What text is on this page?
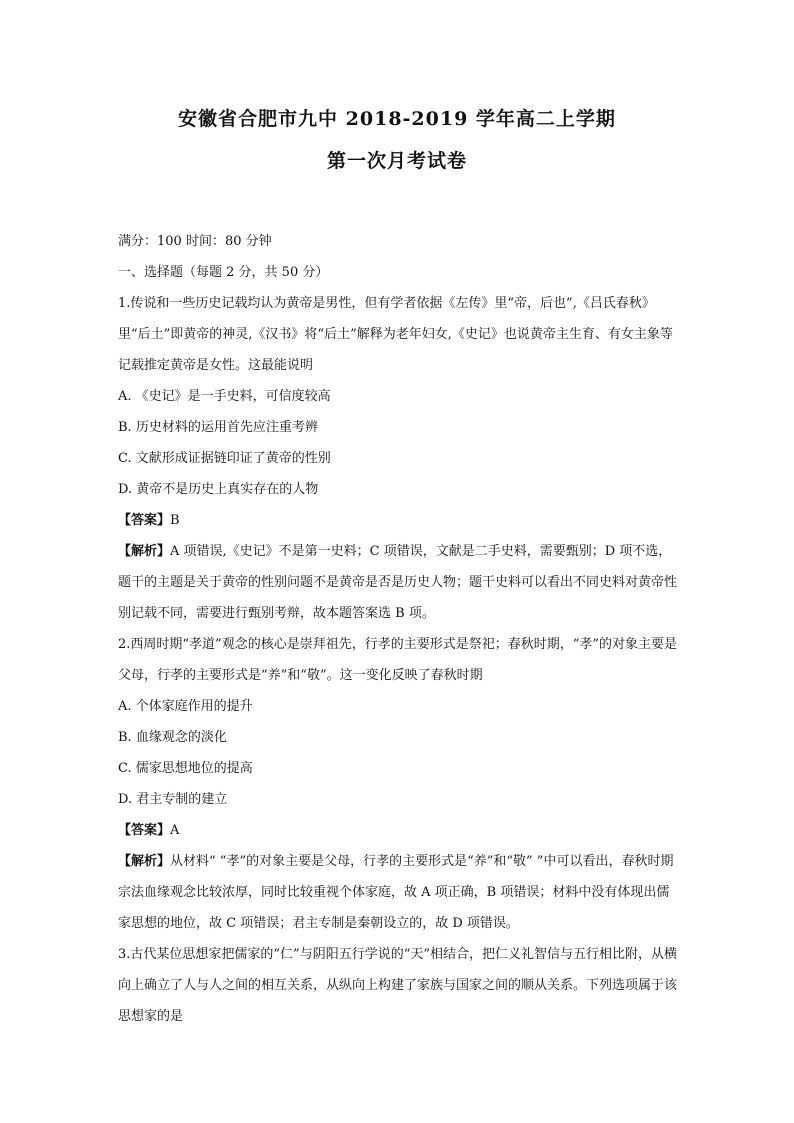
安徽省合肥市九中 2018-2019 学年高二上学期
第一次月考试卷

满分：100 时间：80 分钟

一、选择题（每题 2 分，共 50 分）

1.传说和一些历史记载均认为黄帝是男性，但有学者依据《左传》里“帝，后也”,《吕氏春秋》里“后土”即黄帝的神灵,《汉书》将“后土”解释为老年妇女,《史记》也说黄帝主生育、有女主象等记载推定黄帝是女性。这最能说明

A. 《史记》是一手史料，可信度较高

B. 历史材料的运用首先应注重考辨

C. 文献形成证据链印证了黄帝的性别

D. 黄帝不是历史上真实存在的人物

【答案】B

【解析】A 项错误,《史记》不是第一史料；C 项错误，文献是二手史料，需要甄别；D 项不选，题干的主题是关于黄帝的性别问题不是黄帝是否是历史人物；题干史料可以看出不同史料对黄帝性别记载不同，需要进行甄别考辩，故本题答案选 B 项。

2.西周时期“孝道”观念的核心是崇拜祖先，行孝的主要形式是祭祀；春秋时期，“孝”的对象主要是父母，行孝的主要形式是“养”和“敬”。这一变化反映了春秋时期

A. 个体家庭作用的提升

B. 血缘观念的淡化

C. 儒家思想地位的提高

D. 君主专制的建立

【答案】A

【解析】从材料“ “孝”的对象主要是父母，行孝的主要形式是“养”和“敬” ”中可以看出，春秋时期宗法血缘观念比较浓厚，同时比较重视个体家庭，故 A 项正确，B 项错误；材料中没有体现出儒家思想的地位，故 C 项错误；君主专制是秦朝设立的，故 D 项错误。

3.古代某位思想家把儒家的“仁”与阴阳五行学说的“天”相结合，把仁义礼智信与五行相比附，从横向上确立了人与人之间的相互关系，从纵向上构建了家族与国家之间的顺从关系。下列选项属于该思想家的是
